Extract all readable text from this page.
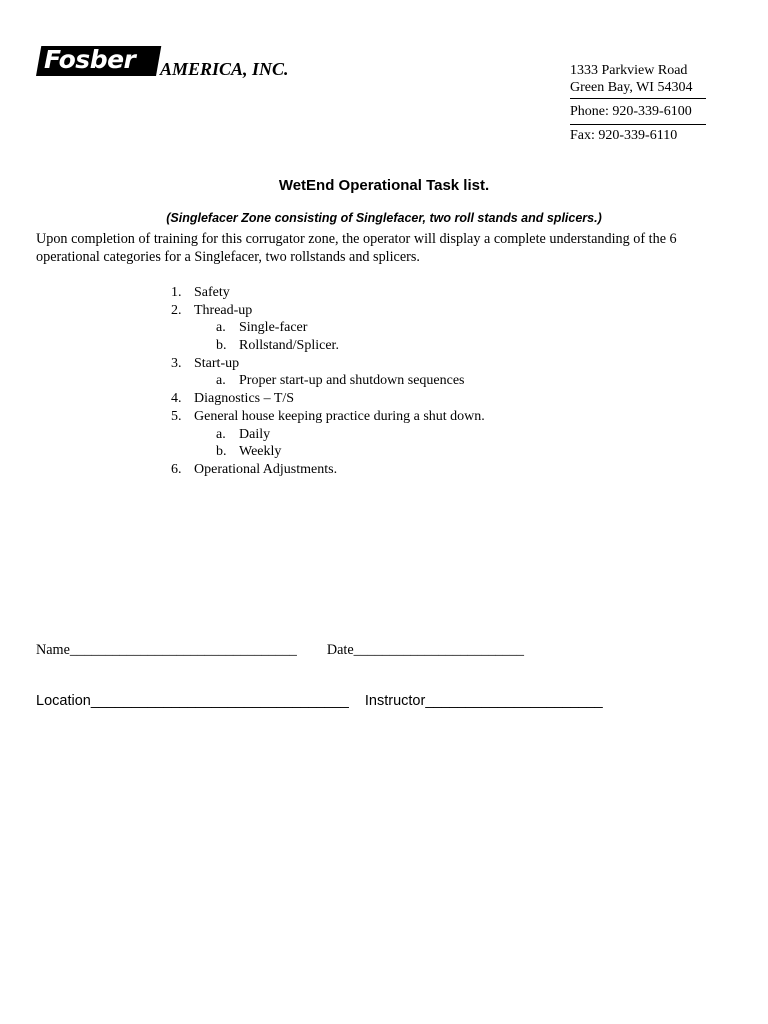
Fosber	AMERICA, INC.	1333 Parkview Road
Green Bay, WI 54304
Phone: 920-339-6100
Fax: 920-339-6110
WetEnd Operational Task list.
(Singlefacer Zone consisting of Singlefacer, two roll stands and splicers.)
Upon completion of training for this corrugator zone, the operator will display a complete understanding of the 6 operational categories for a Singlefacer, two rollstands and splicers.
1. Safety
2. Thread-up
a. Single-facer
b. Rollstand/Splicer.
3. Start-up
a. Proper start-up and shutdown sequences
4. Diagnostics – T/S
5. General house keeping practice during a shut down.
a. Daily
b. Weekly
6. Operational Adjustments.
Name________________________________ Date________________________
Location________________________________ Instructor______________________
